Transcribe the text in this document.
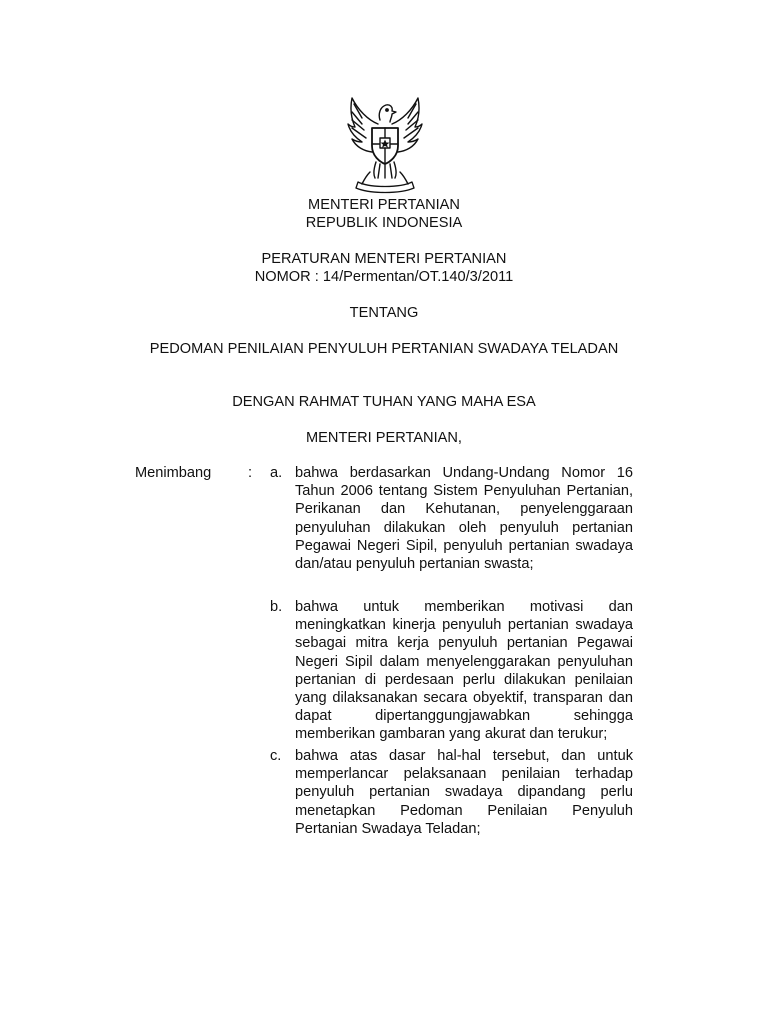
MENTERI PERTANIAN
REPUBLIK INDONESIA
PERATURAN MENTERI PERTANIAN
NOMOR : 14/Permentan/OT.140/3/2011
TENTANG
PEDOMAN PENILAIAN PENYULUH PERTANIAN SWADAYA TELADAN
DENGAN RAHMAT TUHAN YANG MAHA ESA
MENTERI PERTANIAN,
Menimbang	: a. bahwa berdasarkan Undang-Undang Nomor 16 Tahun 2006 tentang Sistem Penyuluhan Pertanian, Perikanan dan Kehutanan, penyelenggaraan penyuluhan dilakukan oleh penyuluh pertanian Pegawai Negeri Sipil, penyuluh pertanian swadaya dan/atau penyuluh pertanian swasta;
b. bahwa untuk memberikan motivasi dan meningkatkan kinerja penyuluh pertanian swadaya sebagai mitra kerja penyuluh pertanian Pegawai Negeri Sipil dalam menyelenggarakan penyuluhan pertanian di perdesaan perlu dilakukan penilaian yang dilaksanakan secara obyektif, transparan dan dapat dipertanggungjawabkan sehingga memberikan gambaran yang akurat dan terukur;
c. bahwa atas dasar hal-hal tersebut, dan untuk memperlancar pelaksanaan penilaian terhadap penyuluh pertanian swadaya dipandang perlu menetapkan Pedoman Penilaian Penyuluh Pertanian Swadaya Teladan;
